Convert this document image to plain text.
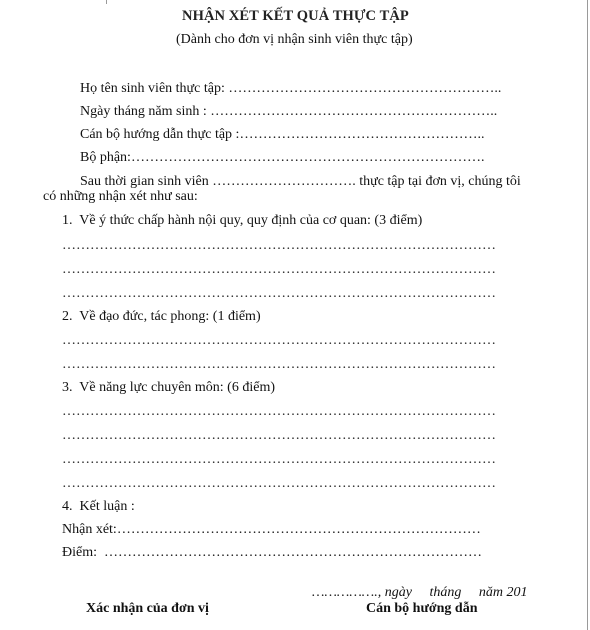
NHẬN XÉT KẾT QUẢ THỰC TẬP
(Dành cho đơn vị nhận sinh viên thực tập)
Họ tên sinh viên thực tập: …………………………………………………..
Ngày tháng năm sinh : ……………………………………………………..
Cán bộ hướng dẫn thực tập :……………………………………………..
Bộ phận:………………………………………………………………….
Sau thời gian sinh viên …………………………. thực tập tại đơn vị, chúng tôi
có những nhận xét như sau:
1.  Về ý thức chấp hành nội quy, quy định của cơ quan: (3 điểm)
…………………………………………………………………………………
…………………………………………………………………………………
…………………………………………………………………………………
2.  Về đạo đức, tác phong: (1 điểm)
…………………………………………………………………………………
…………………………………………………………………………………
3.  Về năng lực chuyên môn: (6 điểm)
…………………………………………………………………………………
…………………………………………………………………………………
…………………………………………………………………………………
…………………………………………………………………………………
4.  Kết luận :
Nhận xét:……………………………………………………………………
Điểm:  ………………………………………………………………………
……………., ngày     tháng     năm 201
Xác nhận của đơn vị	Cán bộ hướng dẫn
